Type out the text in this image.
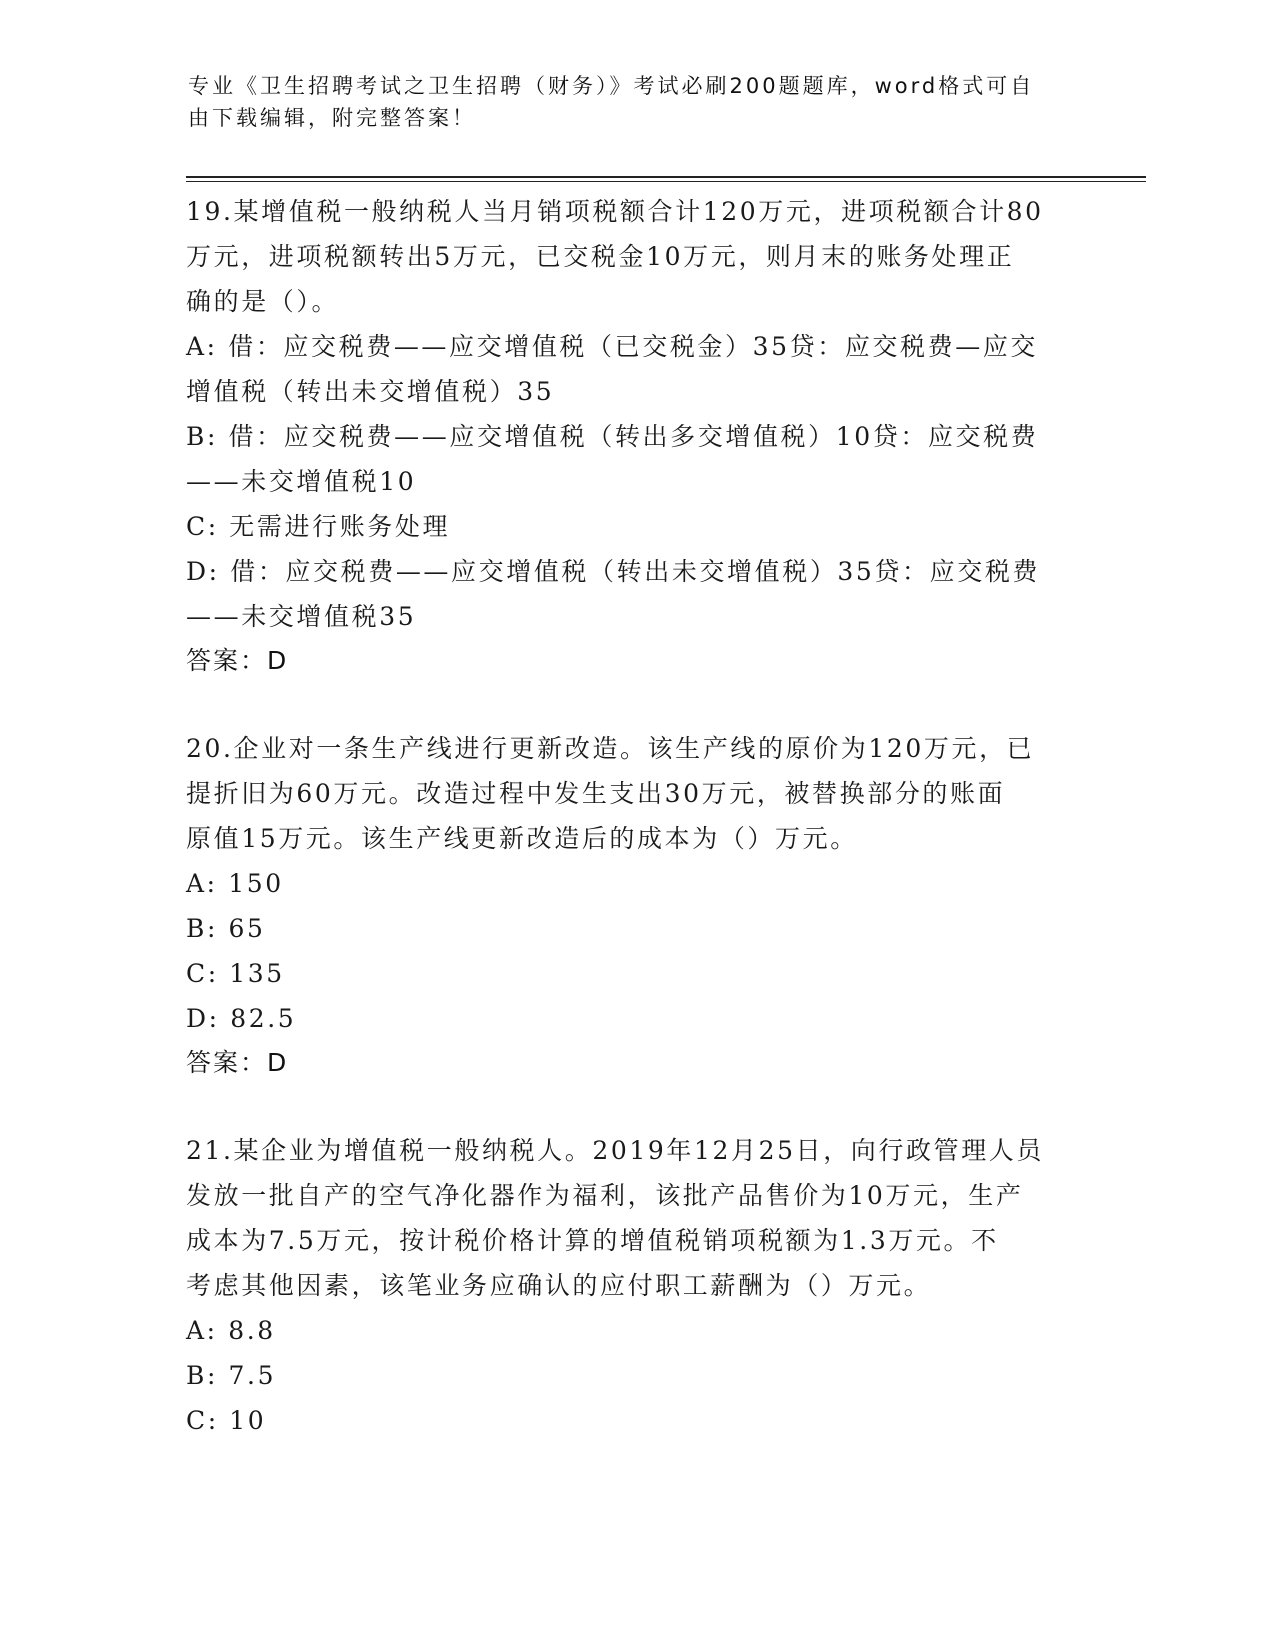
专业《卫生招聘考试之卫生招聘（财务）》考试必刷200题题库，word格式可自
由下载编辑，附完整答案！
19.某增值税一般纳税人当月销项税额合计120万元，进项税额合计80
万元，进项税额转出5万元，已交税金10万元，则月末的账务处理正
确的是（）。
A: 借：应交税费——应交增值税（已交税金）35贷：应交税费—应交
增值税（转出未交增值税）35
B: 借：应交税费——应交增值税（转出多交增值税）10贷：应交税费
——未交增值税10
C: 无需进行账务处理
D: 借：应交税费——应交增值税（转出未交增值税）35贷：应交税费
——未交增值税35
答案：D
20.企业对一条生产线进行更新改造。该生产线的原价为120万元，已
提折旧为60万元。改造过程中发生支出30万元，被替换部分的账面
原值15万元。该生产线更新改造后的成本为（）万元。
A: 150
B: 65
C: 135
D: 82.5
答案：D
21.某企业为增值税一般纳税人。2019年12月25日，向行政管理人员
发放一批自产的空气净化器作为福利，该批产品售价为10万元，生产
成本为7.5万元，按计税价格计算的增值税销项税额为1.3万元。不
考虑其他因素，该笔业务应确认的应付职工薪酬为（）万元。
A: 8.8
B: 7.5
C: 10
